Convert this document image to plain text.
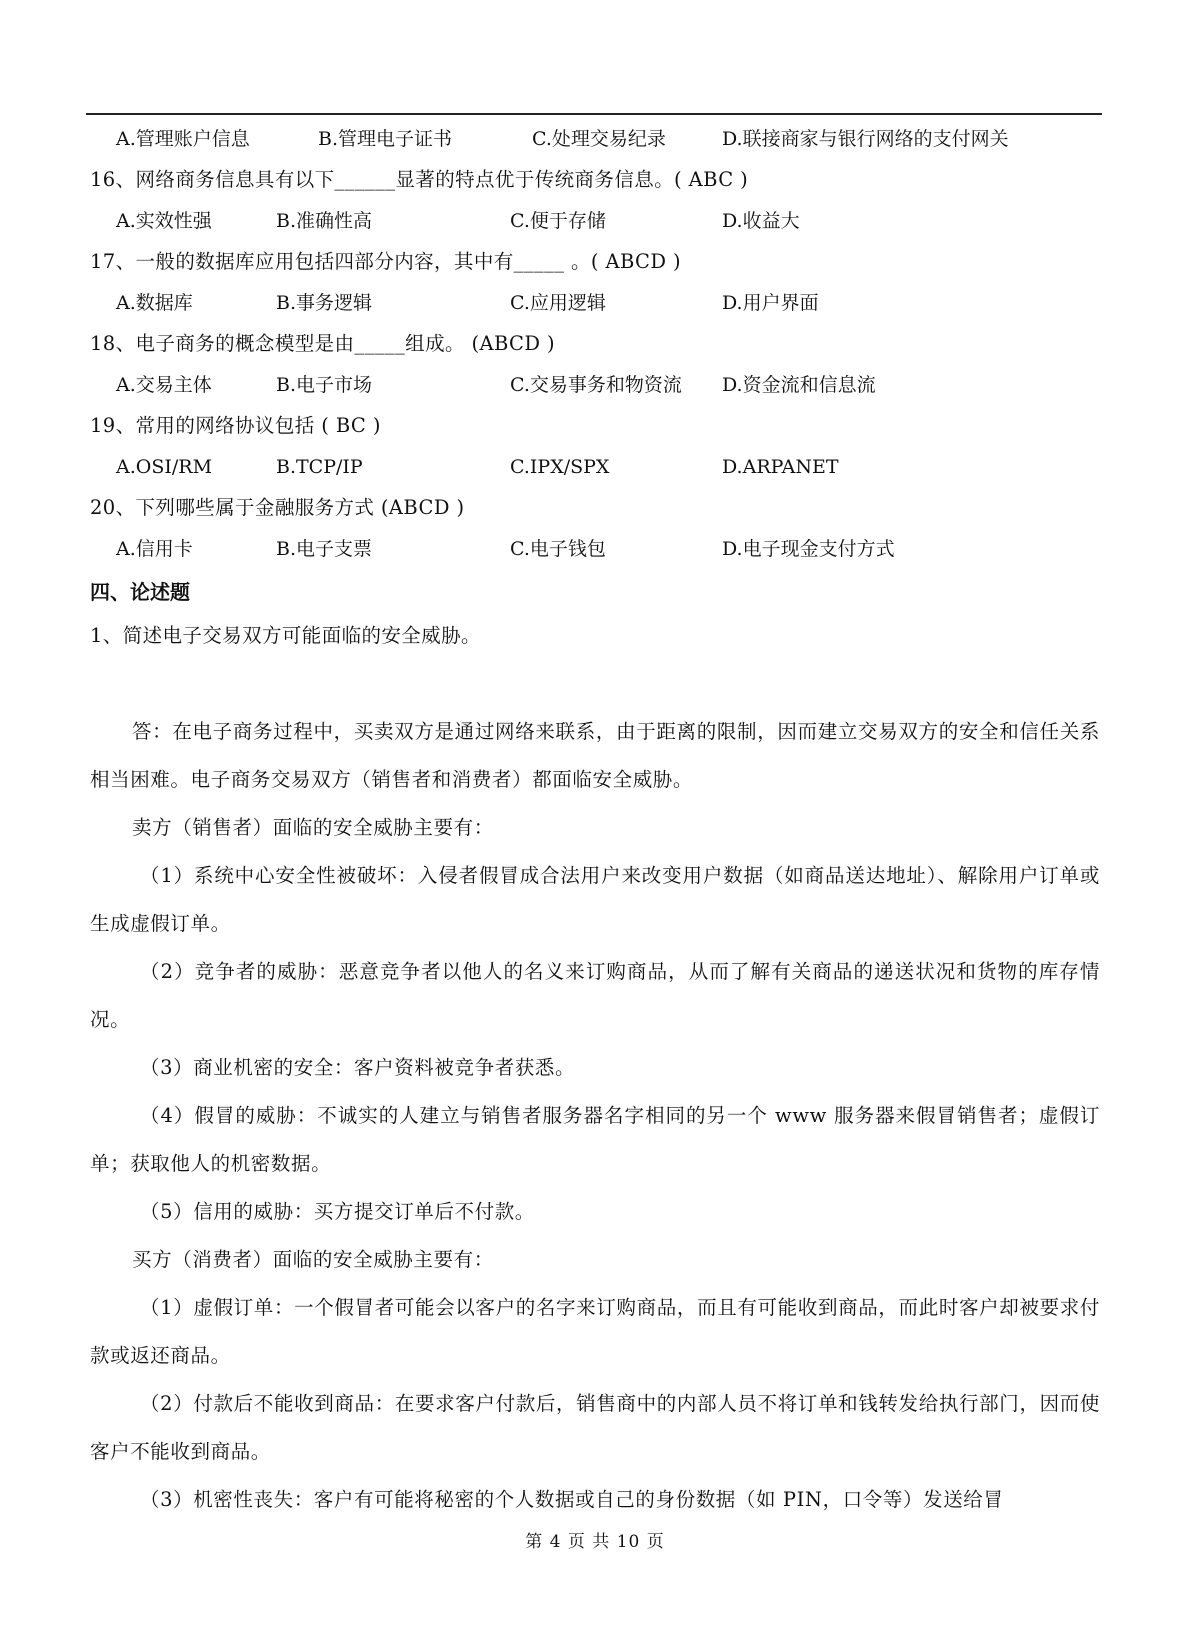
A.管理账户信息	B.管理电子证书	C.处理交易纪录	D.联接商家与银行网络的支付网关
16、网络商务信息具有以下______显著的特点优于传统商务信息。( ABC )
A.实效性强	B.准确性高	C.便于存储	D.收益大
17、一般的数据库应用包括四部分内容，其中有_____ 。( ABCD )
A.数据库	B.事务逻辑	C.应用逻辑	D.用户界面
18、电子商务的概念模型是由_____组成。 (ABCD )
A.交易主体	B.电子市场	C.交易事务和物资流 D.资金流和信息流
19、常用的网络协议包括 ( BC )
A.OSI/RM	B.TCP/IP	C.IPX/SPX	D.ARPANET
20、下列哪些属于金融服务方式 (ABCD )
A.信用卡	B.电子支票	C.电子钱包	D.电子现金支付方式
四、论述题
1、简述电子交易双方可能面临的安全威胁。

答：在电子商务过程中，买卖双方是通过网络来联系，由于距离的限制，因而建立交易双方的安全和信任关系相当困难。电子商务交易双方（销售者和消费者）都面临安全威胁。

卖方（销售者）面临的安全威胁主要有：

（1）系统中心安全性被破坏：入侵者假冒成合法用户来改变用户数据（如商品送达地址）、解除用户订单或生成虚假订单。

（2）竞争者的威胁：恶意竞争者以他人的名义来订购商品，从而了解有关商品的递送状况和货物的库存情况。

（3）商业机密的安全：客户资料被竞争者获悉。

（4）假冒的威胁：不诚实的人建立与销售者服务器名字相同的另一个 www 服务器来假冒销售者；虚假订单；获取他人的机密数据。

（5）信用的威胁：买方提交订单后不付款。

买方（消费者）面临的安全威胁主要有：

（1）虚假订单：一个假冒者可能会以客户的名字来订购商品，而且有可能收到商品，而此时客户却被要求付款或返还商品。

（2）付款后不能收到商品：在要求客户付款后，销售商中的内部人员不将订单和钱转发给执行部门，因而使客户不能收到商品。

（3）机密性丧失：客户有可能将秘密的个人数据或自己的身份数据（如 PIN，口令等）发送给冒

第 4 页 共 10 页
